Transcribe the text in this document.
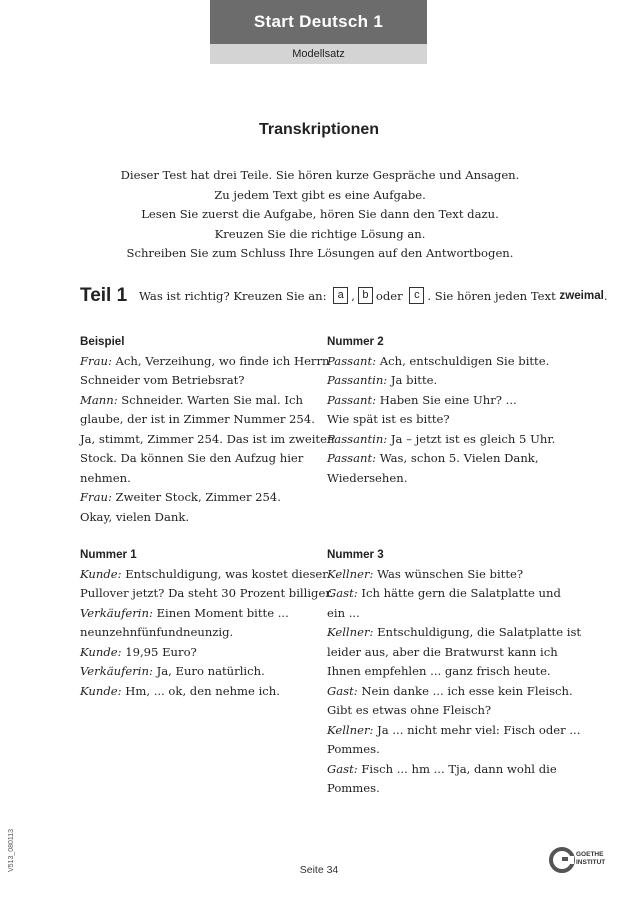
Start Deutsch 1
Modellsatz
Transkriptionen
Dieser Test hat drei Teile. Sie hören kurze Gespräche und Ansagen.
Zu jedem Text gibt es eine Aufgabe.
Lesen Sie zuerst die Aufgabe, hören Sie dann den Text dazu.
Kreuzen Sie die richtige Lösung an.
Schreiben Sie zum Schluss Ihre Lösungen auf den Antwortbogen.
Teil 1 Was ist richtig? Kreuzen Sie an:
	a , b oder
	c . Sie hören jeden Text
zweimal .
Beispiel
Frau: Ach, Verzeihung, wo finde ich Herrn
Schneider vom Betriebsrat?
Mann: Schneider. Warten Sie mal. Ich
glaube, der ist in Zimmer Nummer 254.
Ja, stimmt, Zimmer 254. Das ist im zweiten
Stock. Da können Sie den Aufzug hier
nehmen.
Frau: Zweiter Stock, Zimmer 254.
Okay, vielen Dank.
Nummer 1
Kunde: Entschuldigung, was kostet dieser
Pullover jetzt? Da steht 30 Prozent billiger.
Verkäuferin: Einen Moment bitte ...
neunzehnfünfundneunzig.
Kunde: 19,95 Euro?
Verkäuferin: Ja, Euro natürlich.
Kunde: Hm, ... ok, den nehme ich.
Nummer 2
Passant: Ach, entschuldigen Sie bitte.
Passantin: Ja bitte.
Passant: Haben Sie eine Uhr? ...
Wie spät ist es bitte?
Passantin: Ja – jetzt ist es gleich 5 Uhr.
Passant: Was, schon 5. Vielen Dank,
Wiedersehen.
Nummer 3
Kellner: Was wünschen Sie bitte?
Gast: Ich hätte gern die Salatplatte und
ein ...
Kellner: Entschuldigung, die Salatplatte ist
leider aus, aber die Bratwurst kann ich
Ihnen empfehlen ... ganz frisch heute.
Gast: Nein danke ... ich esse kein Fleisch.
Gibt es etwas ohne Fleisch?
Kellner: Ja ... nicht mehr viel: Fisch oder ...
Pommes.
Gast: Fisch ... hm ... Tja, dann wohl die
Pommes.
V513_080113	Seite 34
GOETHE
INSTITUT
